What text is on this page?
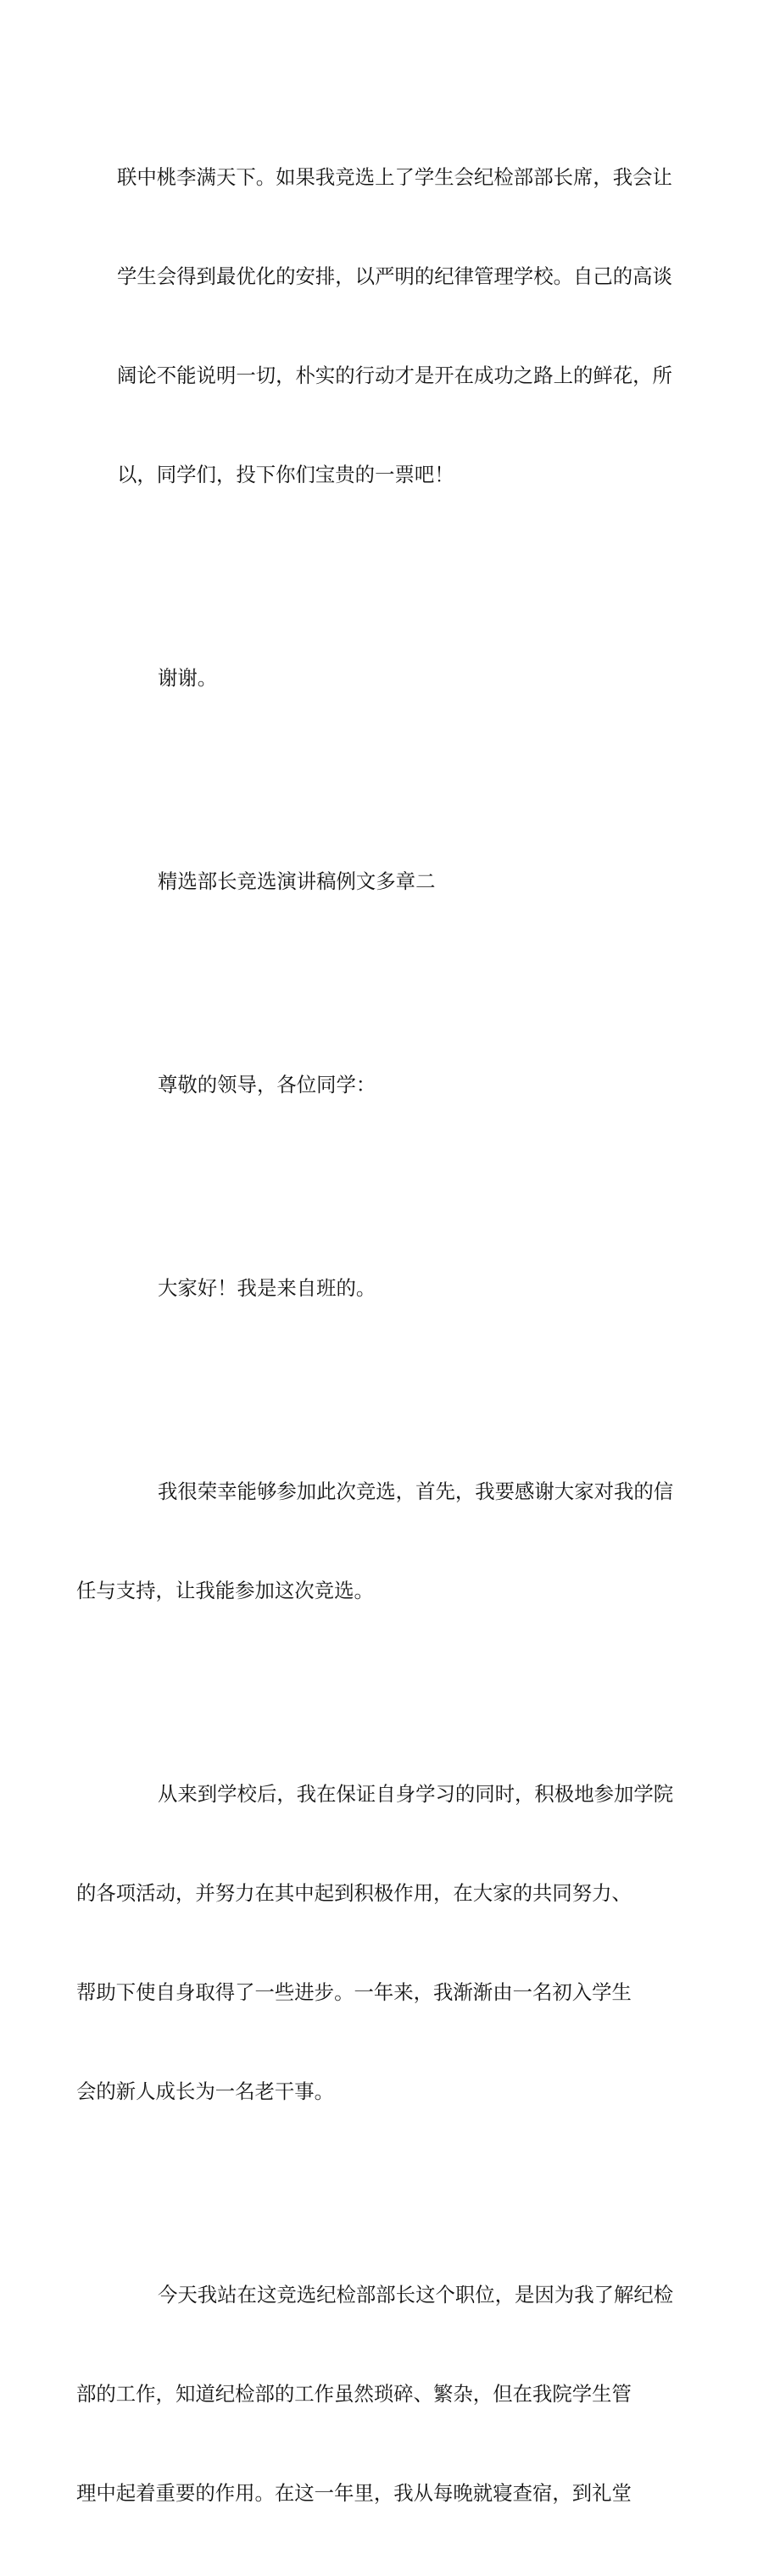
联中桃李满天下。如果我竞选上了学生会纪检部部长席，我会让

学生会得到最优化的安排，以严明的纪律管理学校。自己的高谈

阔论不能说明一切，朴实的行动才是开在成功之路上的鲜花，所

以，同学们，投下你们宝贵的一票吧！

谢谢。

精选部长竞选演讲稿例文多章二

尊敬的领导，各位同学：

大家好！我是来自班的。

我很荣幸能够参加此次竞选，首先，我要感谢大家对我的信

任与支持，让我能参加这次竞选。

从来到学校后，我在保证自身学习的同时，积极地参加学院

的各项活动，并努力在其中起到积极作用，在大家的共同努力、

帮助下使自身取得了一些进步。一年来，我渐渐由一名初入学生

会的新人成长为一名老干事。

今天我站在这竞选纪检部部长这个职位，是因为我了解纪检

部的工作，知道纪检部的工作虽然琐碎、繁杂，但在我院学生管

理中起着重要的作用。在这一年里，我从每晚就寝查宿，到礼堂
